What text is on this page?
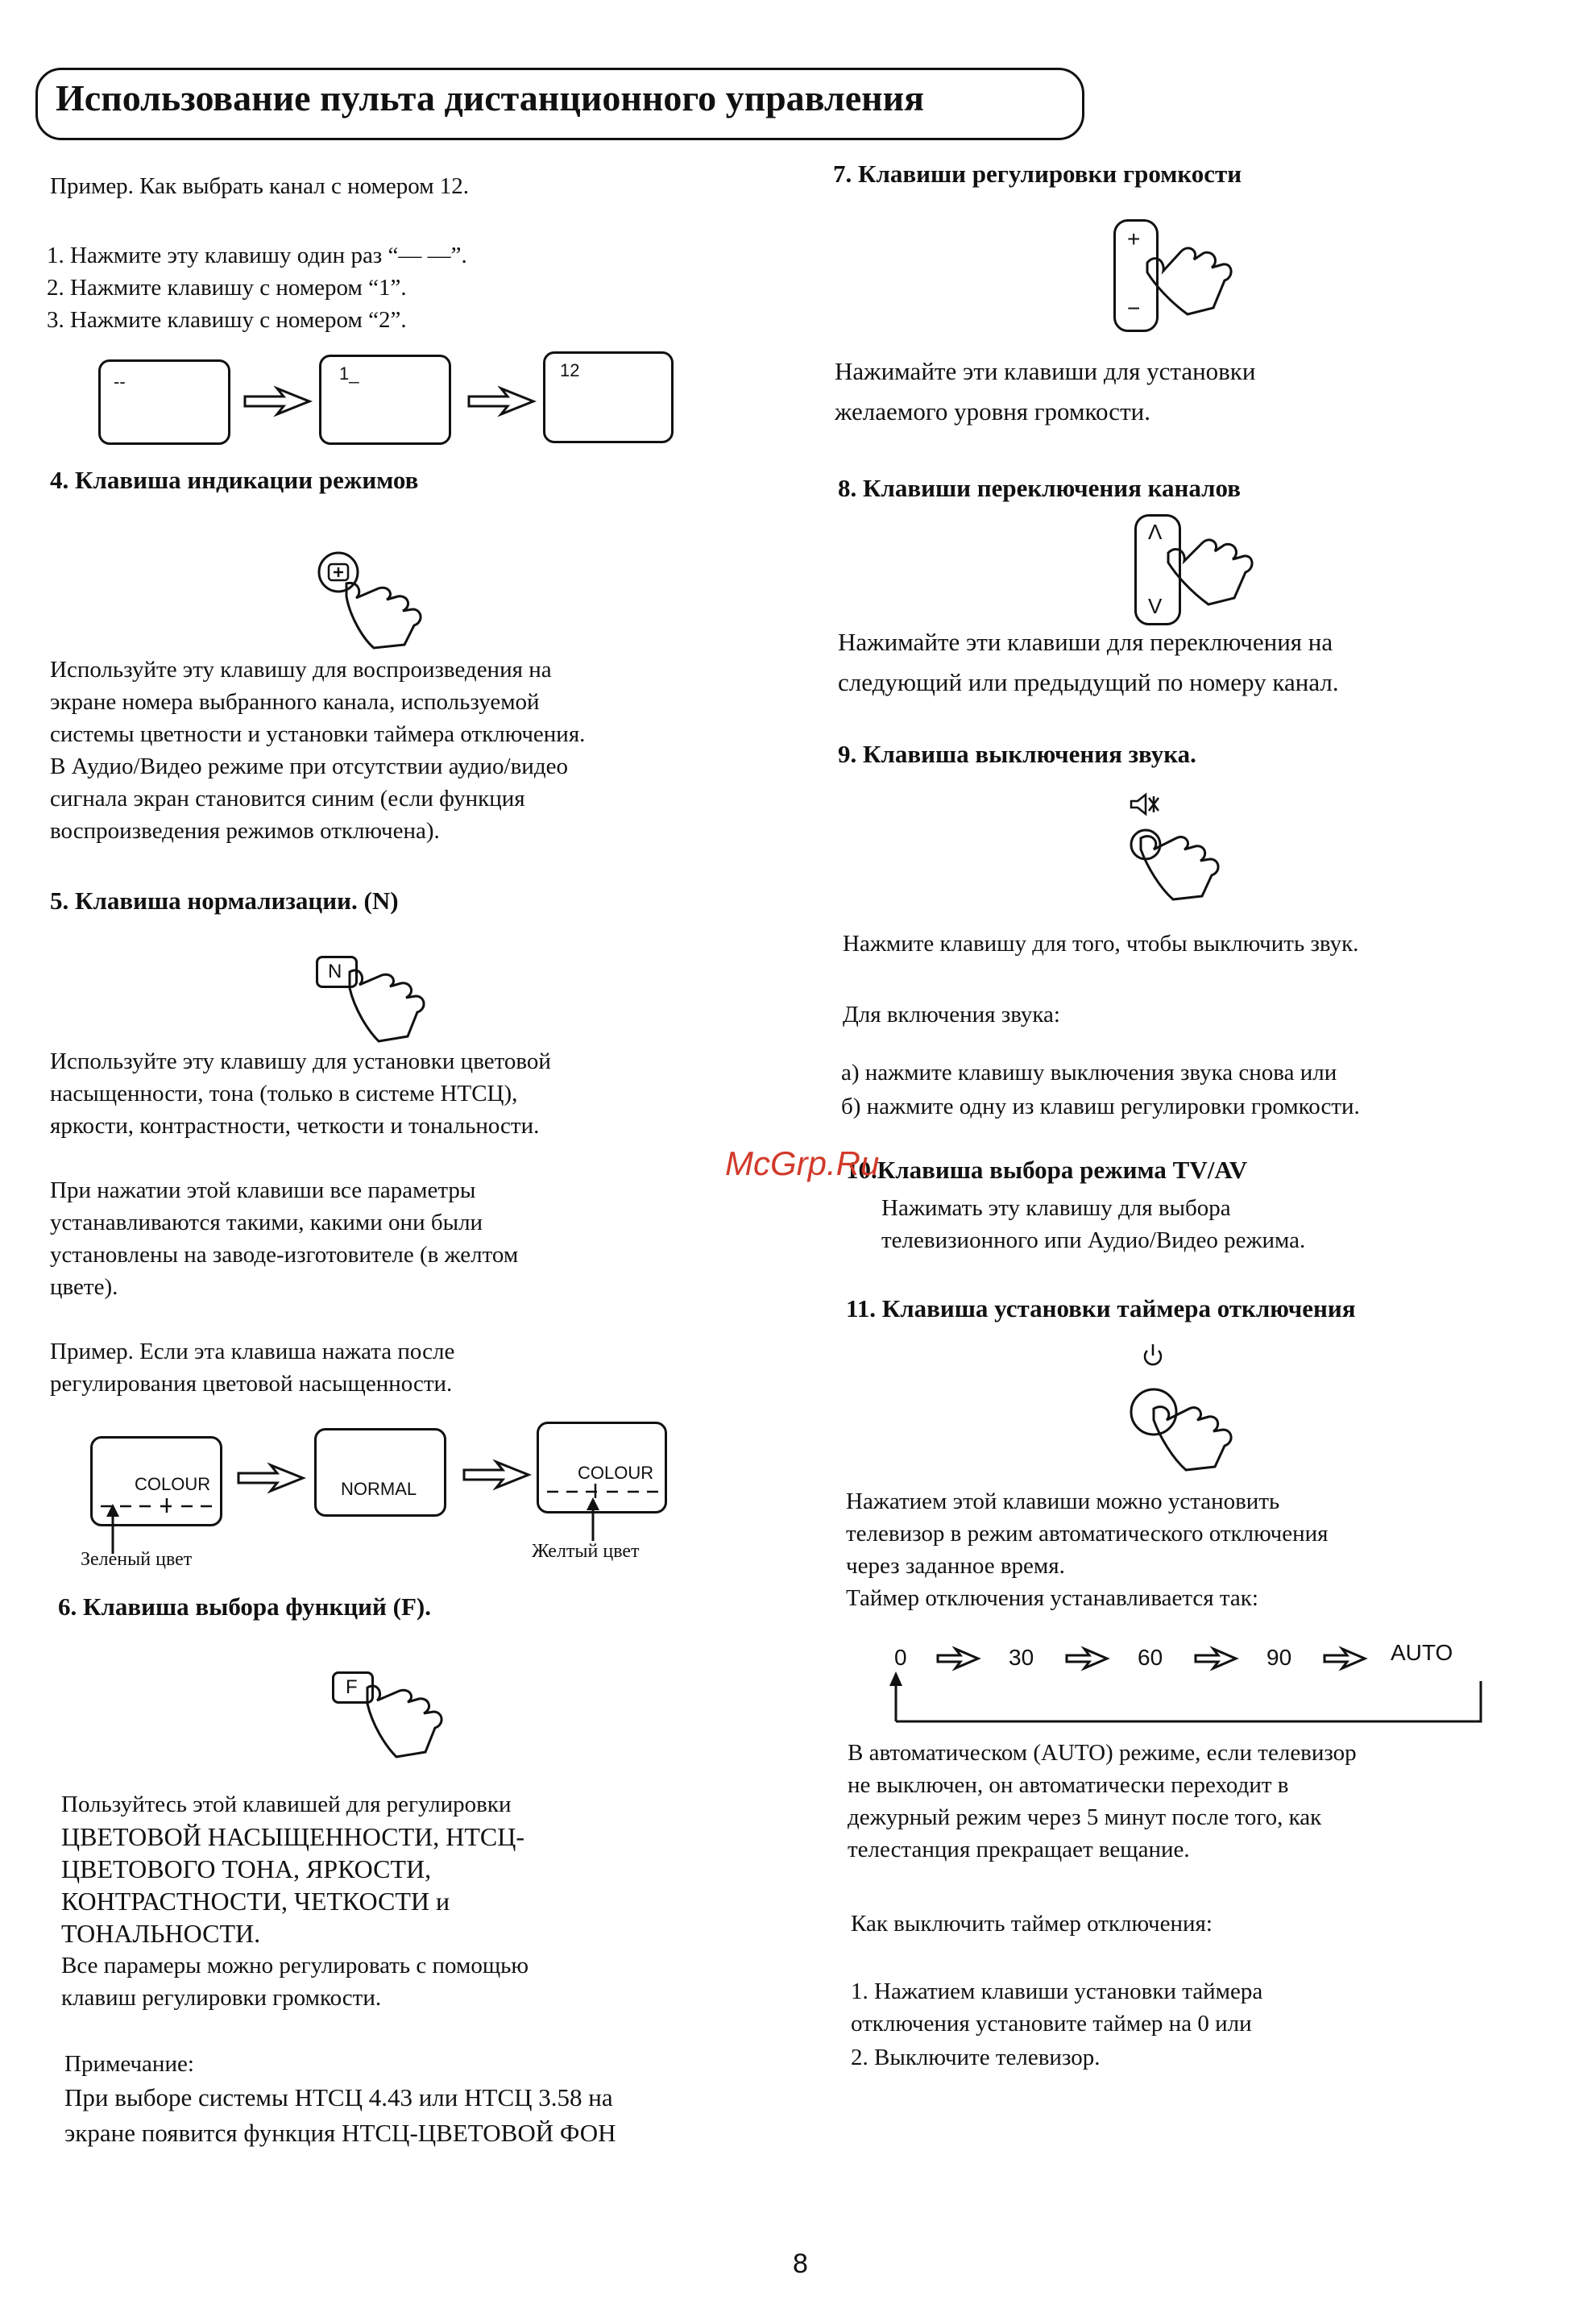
Использование пульта дистанционного управления
Пример. Как выбрать канал с номером 12.
1. Нажмите эту клавишу один раз “— —”.
2. Нажмите клавишу с номером “1”.
3. Нажмите клавишу с номером “2”.
--	1_	12
4. Клавиша индикации режимов
Используйте эту клавишу для воспроизведения на
экране номера выбранного канала, используемой
системы цветности и установки таймера отключения.
В Аудио/Видео режиме при отсутствии аудио/видео
сигнала экран становится синим (если функция
воспроизведения режимов отключена).
5. Клавиша нормализации. (N)
N
Используйте эту клавишу для установки цветовой
насыщенности, тона (только в системе НТСЦ),
яркости, контрастности, четкости и тональности.
При нажатии этой клавиши все параметры
устанавливаются такими, какими они были
установлены на заводе-изготовителе (в желтом
цвете).
Пример. Если эта клавиша нажата после
регулирования цветовой насыщенности.
COLOUR
Зеленый цвет
NORMAL
COLOUR
Желтый цвет
6. Клавиша выбора функций (F).
F
Пользуйтесь этой клавишей для регулировки
ЦВЕТОВОЙ НАСЫЩЕННОСТИ, НТСЦ-
ЦВЕТОВОГО ТОНА, ЯРКОСТИ,
КОНТРАСТНОСТИ, ЧЕТКОСТИ и
ТОНАЛЬНОСТИ.
Все парамеры можно регулировать с помощью
клавиш регулировки громкости.
Примечание:
При выборе системы НТСЦ 4.43 или НТСЦ 3.58 на
экране появится функция НТСЦ-ЦВЕТОВОЙ ФОН
7. Клавиши регулировки громкости
+
−
Нажимайте эти клавиши для установки
желаемого уровня громкости.
8. Клавиши переключения каналов
Λ
V
Нажимайте эти клавиши для переключения на
следующий или предыдущий по номеру канал.
9. Клавиша выключения звука.
Нажмите клавишу для того, чтобы выключить звук.
Для включения звука:
а) нажмите клавишу выключения звука снова или
б) нажмите одну из клавиш регулировки громкости.
10.Клавиша выбора режима TV/AV
Нажимать эту клавишу для выбора
телевизионного ипи Аудио/Видео режима.
11. Клавиша установки таймера отключения
Нажатием этой клавиши можно установить
телевизор в режим автоматического отключения
через заданное время.
Таймер отключения устанавливается так:
0	30	60	90	AUTO
В автоматическом (AUTO) режиме, если телевизор
не выключен, он автоматически переходит в
дежурный режим через 5 минут после того, как
телестанция прекращает вещание.
Как выключить таймер отключения:
1. Нажатием клавиши установки таймера
отключения установите таймер на 0 или
2. Выключите телевизор.
McGrp.Ru
8
